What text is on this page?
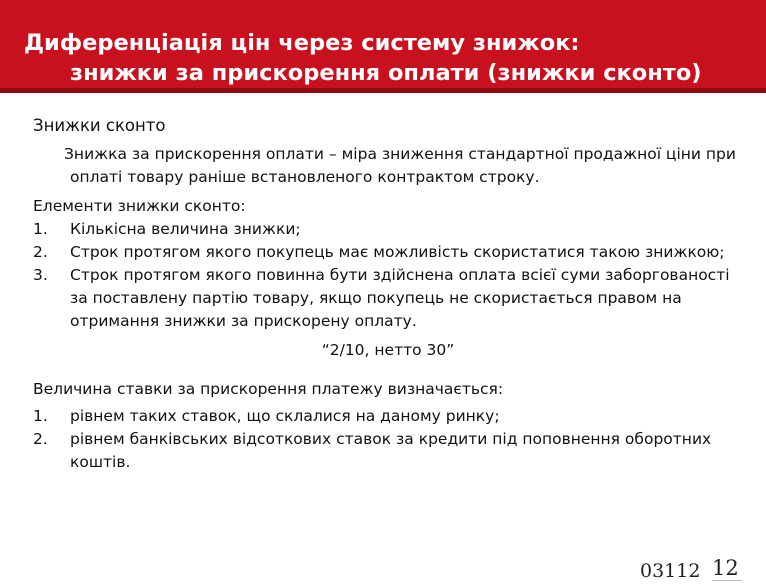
Диференціація цін через систему знижок:
знижки за прискорення оплати (знижки сконто)

Знижки сконто

Знижка за прискорення оплати – міра зниження стандартної продажної ціни при оплаті товару раніше встановленого контрактом строку.

Елементи знижки сконто:

1. Кількісна величина знижки;
2. Строк протягом якого покупець має можливість скористатися такою знижкою;
3. Строк протягом якого повинна бути здійснена оплата всієї суми заборгованості за поставлену партію товару, якщо покупець не скористається правом на отримання знижки за прискорену оплату.

“2/10, нетто 30”

Величина ставки за прискорення платежу визначається:

1. рівнем таких ставок, що склалися на даному ринку;
2. рівнем банківських відсоткових ставок за кредити під поповнення оборотних коштів.
03112 12
